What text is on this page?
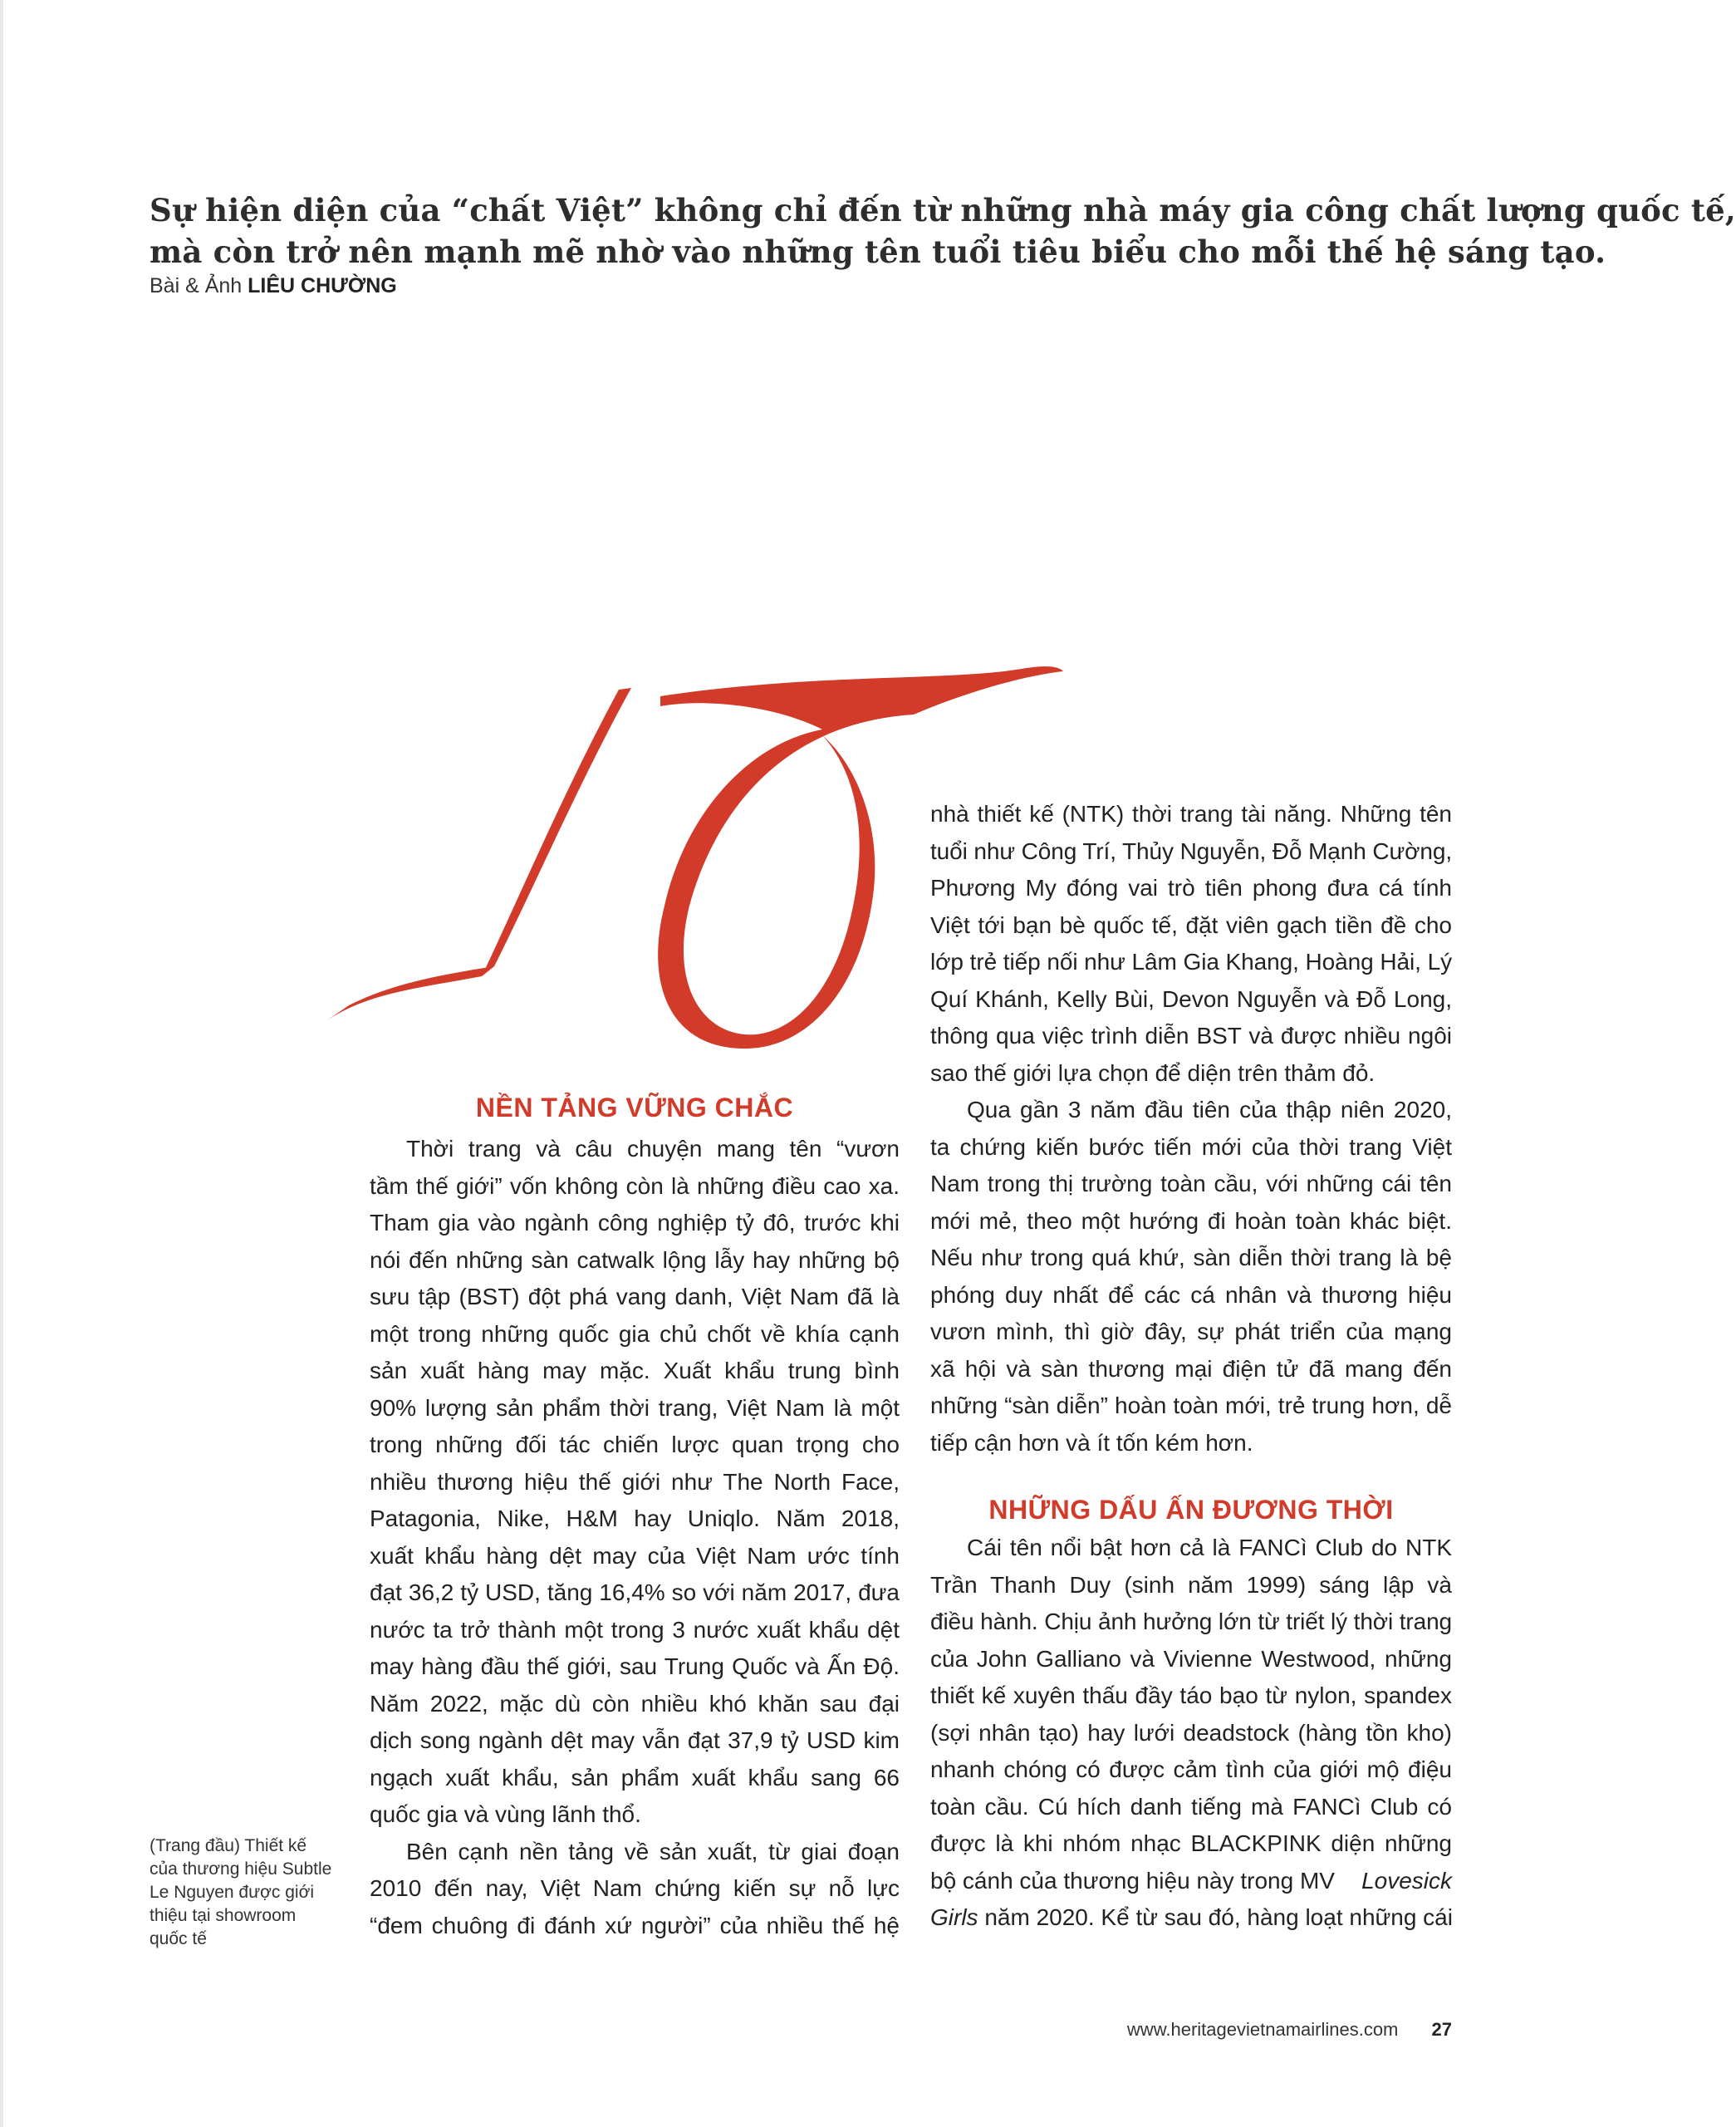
Sự hiện diện của “chất Việt” không chỉ đến từ những nhà máy gia công chất lượng quốc tế,
mà còn trở nên mạnh mẽ nhờ vào những tên tuổi tiêu biểu cho mỗi thế hệ sáng tạo.
Bài & Ảnh LIÊU CHƯỜNG
NỀN TẢNG VỮNG CHẮC

Thời trang và câu chuyện mang tên “vươn
tầm thế giới” vốn không còn là những điều cao xa.
Tham gia vào ngành công nghiệp tỷ đô, trước khi
nói đến những sàn catwalk lộng lẫy hay những bộ
sưu tập (BST) đột phá vang danh, Việt Nam đã là
một trong những quốc gia chủ chốt về khía cạnh
sản xuất hàng may mặc. Xuất khẩu trung bình
90% lượng sản phẩm thời trang, Việt Nam là một
trong những đối tác chiến lược quan trọng cho
nhiều thương hiệu thế giới như The North Face,
Patagonia, Nike, H&M hay Uniqlo. Năm 2018,
xuất khẩu hàng dệt may của Việt Nam ước tính
đạt 36,2 tỷ USD, tăng 16,4% so với năm 2017, đưa
nước ta trở thành một trong 3 nước xuất khẩu dệt
may hàng đầu thế giới, sau Trung Quốc và Ấn Độ.
Năm 2022, mặc dù còn nhiều khó khăn sau đại
dịch song ngành dệt may vẫn đạt 37,9 tỷ USD kim
ngạch xuất khẩu, sản phẩm xuất khẩu sang 66
quốc gia và vùng lãnh thổ.

Bên cạnh nền tảng về sản xuất, từ giai đoạn
2010 đến nay, Việt Nam chứng kiến sự nỗ lực
“đem chuông đi đánh xứ người” của nhiều thế hệ

nhà thiết kế (NTK) thời trang tài năng. Những tên
tuổi như Công Trí, Thủy Nguyễn, Đỗ Mạnh Cường,
Phương My đóng vai trò tiên phong đưa cá tính
Việt tới bạn bè quốc tế, đặt viên gạch tiền đề cho
lớp trẻ tiếp nối như Lâm Gia Khang, Hoàng Hải, Lý
Quí Khánh, Kelly Bùi, Devon Nguyễn và Đỗ Long,
thông qua việc trình diễn BST và được nhiều ngôi
sao thế giới lựa chọn để diện trên thảm đỏ.

Qua gần 3 năm đầu tiên của thập niên 2020,
ta chứng kiến bước tiến mới của thời trang Việt
Nam trong thị trường toàn cầu, với những cái tên
mới mẻ, theo một hướng đi hoàn toàn khác biệt.
Nếu như trong quá khứ, sàn diễn thời trang là bệ
phóng duy nhất để các cá nhân và thương hiệu
vươn mình, thì giờ đây, sự phát triển của mạng
xã hội và sàn thương mại điện tử đã mang đến
những “sàn diễn” hoàn toàn mới, trẻ trung hơn, dễ
tiếp cận hơn và ít tốn kém hơn.

NHỮNG DẤU ẤN ĐƯƠNG THỜI

Cái tên nổi bật hơn cả là FANCì Club do NTK
Trần Thanh Duy (sinh năm 1999) sáng lập và
điều hành. Chịu ảnh hưởng lớn từ triết lý thời trang
của John Galliano và Vivienne Westwood, những
thiết kế xuyên thấu đầy táo bạo từ nylon, spandex
(sợi nhân tạo) hay lưới deadstock (hàng tồn kho)
nhanh chóng có được cảm tình của giới mộ điệu
toàn cầu. Cú hích danh tiếng mà FANCì Club có
được là khi nhóm nhạc BLACKPINK diện những
bộ cánh của thương hiệu này trong MV Lovesick
Girls năm 2020. Kể từ sau đó, hàng loạt những cái

(Trang đầu) Thiết kế
của thương hiệu Subtle
Le Nguyen được giới
thiệu tại showroom
quốc tế
www.heritagevietnamairlines.com 27
